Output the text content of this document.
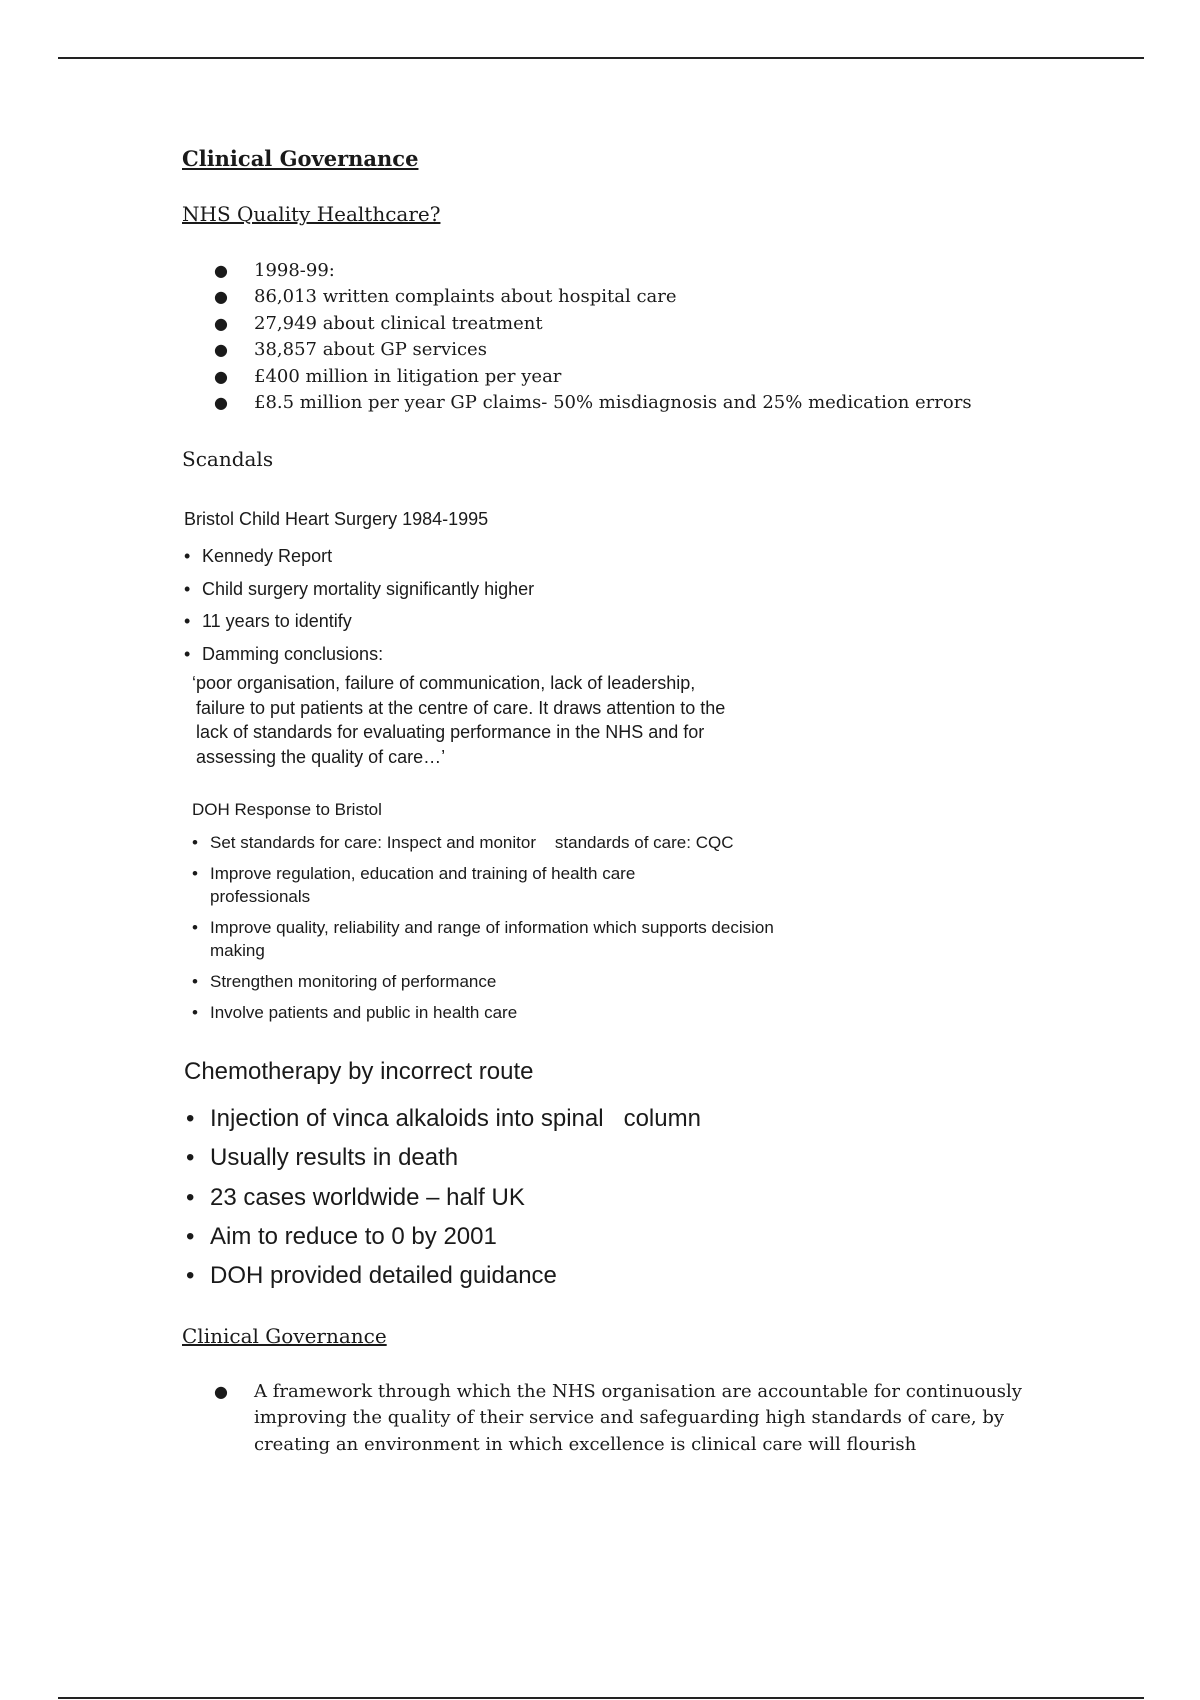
Clinical Governance
NHS Quality Healthcare?
● 1998-99:
● 86,013 written complaints about hospital care
● 27,949 about clinical treatment
● 38,857 about GP services
● £400 million in litigation per year
● £8.5 million per year GP claims- 50% misdiagnosis and 25% medication errors
Scandals
Bristol Child Heart Surgery 1984-1995
• Kennedy Report
• Child surgery mortality significantly higher
• 11 years to identify
• Damming conclusions:
‘poor organisation, failure of communication, lack of leadership,
failure to put patients at the centre of care. It draws attention to the
lack of standards for evaluating performance in the NHS and for
assessing the quality of care…’
DOH Response to Bristol
• Set standards for care: Inspect and monitor    standards of care: CQC
• Improve regulation, education and training of health care professionals
• Improve quality, reliability and range of information which supports decision making
• Strengthen monitoring of performance
• Involve patients and public in health care
Chemotherapy by incorrect route
• Injection of vinca alkaloids into spinal   column
• Usually results in death
• 23 cases worldwide – half UK
• Aim to reduce to 0 by 2001
• DOH provided detailed guidance
Clinical Governance
● A framework through which the NHS organisation are accountable for continuously improving the quality of their service and safeguarding high standards of care, by creating an environment in which excellence is clinical care will flourish
